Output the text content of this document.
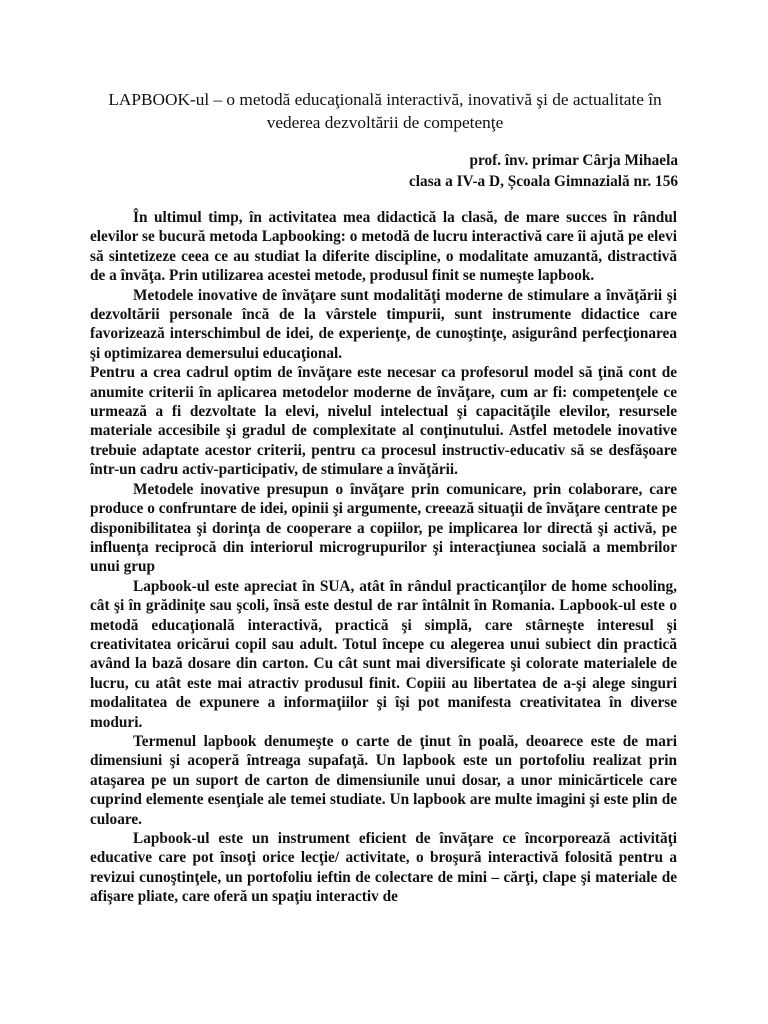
LAPBOOK-ul – o metodă educaţională interactivă, inovativă şi de actualitate în vederea dezvoltării de competenţe
prof. înv. primar Cârja Mihaela
clasa a IV-a D, Școala Gimnazială nr. 156

În ultimul timp, în activitatea mea didactică la clasă, de mare succes în rândul elevilor se bucură metoda Lapbooking: o metodă de lucru interactivă care îi ajută pe elevi să sintetizeze ceea ce au studiat la diferite discipline, o modalitate amuzantă, distractivă de a învăţa. Prin utilizarea acestei metode, produsul finit se numeşte lapbook.

Metodele inovative de învăţare sunt modalităţi moderne de stimulare a învăţării şi dezvoltării personale încă de la vârstele timpurii, sunt instrumente didactice care favorizează interschimbul de idei, de experienţe, de cunoştinţe, asigurând perfecţionarea şi optimizarea demersului educaţional.

Pentru a crea cadrul optim de învăţare este necesar ca profesorul model să ţină cont de anumite criterii în aplicarea metodelor moderne de învăţare, cum ar fi: competenţele ce urmează a fi dezvoltate la elevi, nivelul intelectual şi capacităţile elevilor, resursele materiale accesibile şi gradul de complexitate al conţinutului. Astfel metodele inovative trebuie adaptate acestor criterii, pentru ca procesul instructiv-educativ să se desfăşoare într-un cadru activ-participativ, de stimulare a învăţării.

Metodele inovative presupun o învăţare prin comunicare, prin colaborare, care produce o confruntare de idei, opinii şi argumente, creează situaţii de învăţare centrate pe disponibilitatea şi dorinţa de cooperare a copiilor, pe implicarea lor directă şi activă, pe influenţa reciprocă din interiorul microgrupurilor şi interacţiunea socială a membrilor unui grup

Lapbook-ul este apreciat în SUA, atât în rândul practicanţilor de home schooling, cât şi în grădiniţe sau şcoli, însă este destul de rar întâlnit în Romania. Lapbook-ul este o metodă educaţională interactivă, practică şi simplă, care stârneşte interesul şi creativitatea oricărui copil sau adult. Totul începe cu alegerea unui subiect din practică având la bază dosare din carton. Cu cât sunt mai diversificate şi colorate materialele de lucru, cu atât este mai atractiv produsul finit. Copiii au libertatea de a-şi alege singuri modalitatea de expunere a informaţiilor şi îşi pot manifesta creativitatea în diverse moduri.

Termenul lapbook denumeşte o carte de ţinut în poală, deoarece este de mari dimensiuni şi acoperă întreaga supafaţă. Un lapbook este un portofoliu realizat prin ataşarea pe un suport de carton de dimensiunile unui dosar, a unor minicărticele care cuprind elemente esenţiale ale temei studiate. Un lapbook are multe imagini şi este plin de culoare.

Lapbook-ul este un instrument eficient de învăţare ce încorporează activităţi educative care pot însoţi orice lecţie/ activitate, o broşură interactivă folosită pentru a revizui cunoştinţele, un portofoliu ieftin de colectare de mini – cărţi, clape şi materiale de afişare pliate, care oferă un spaţiu interactiv de
